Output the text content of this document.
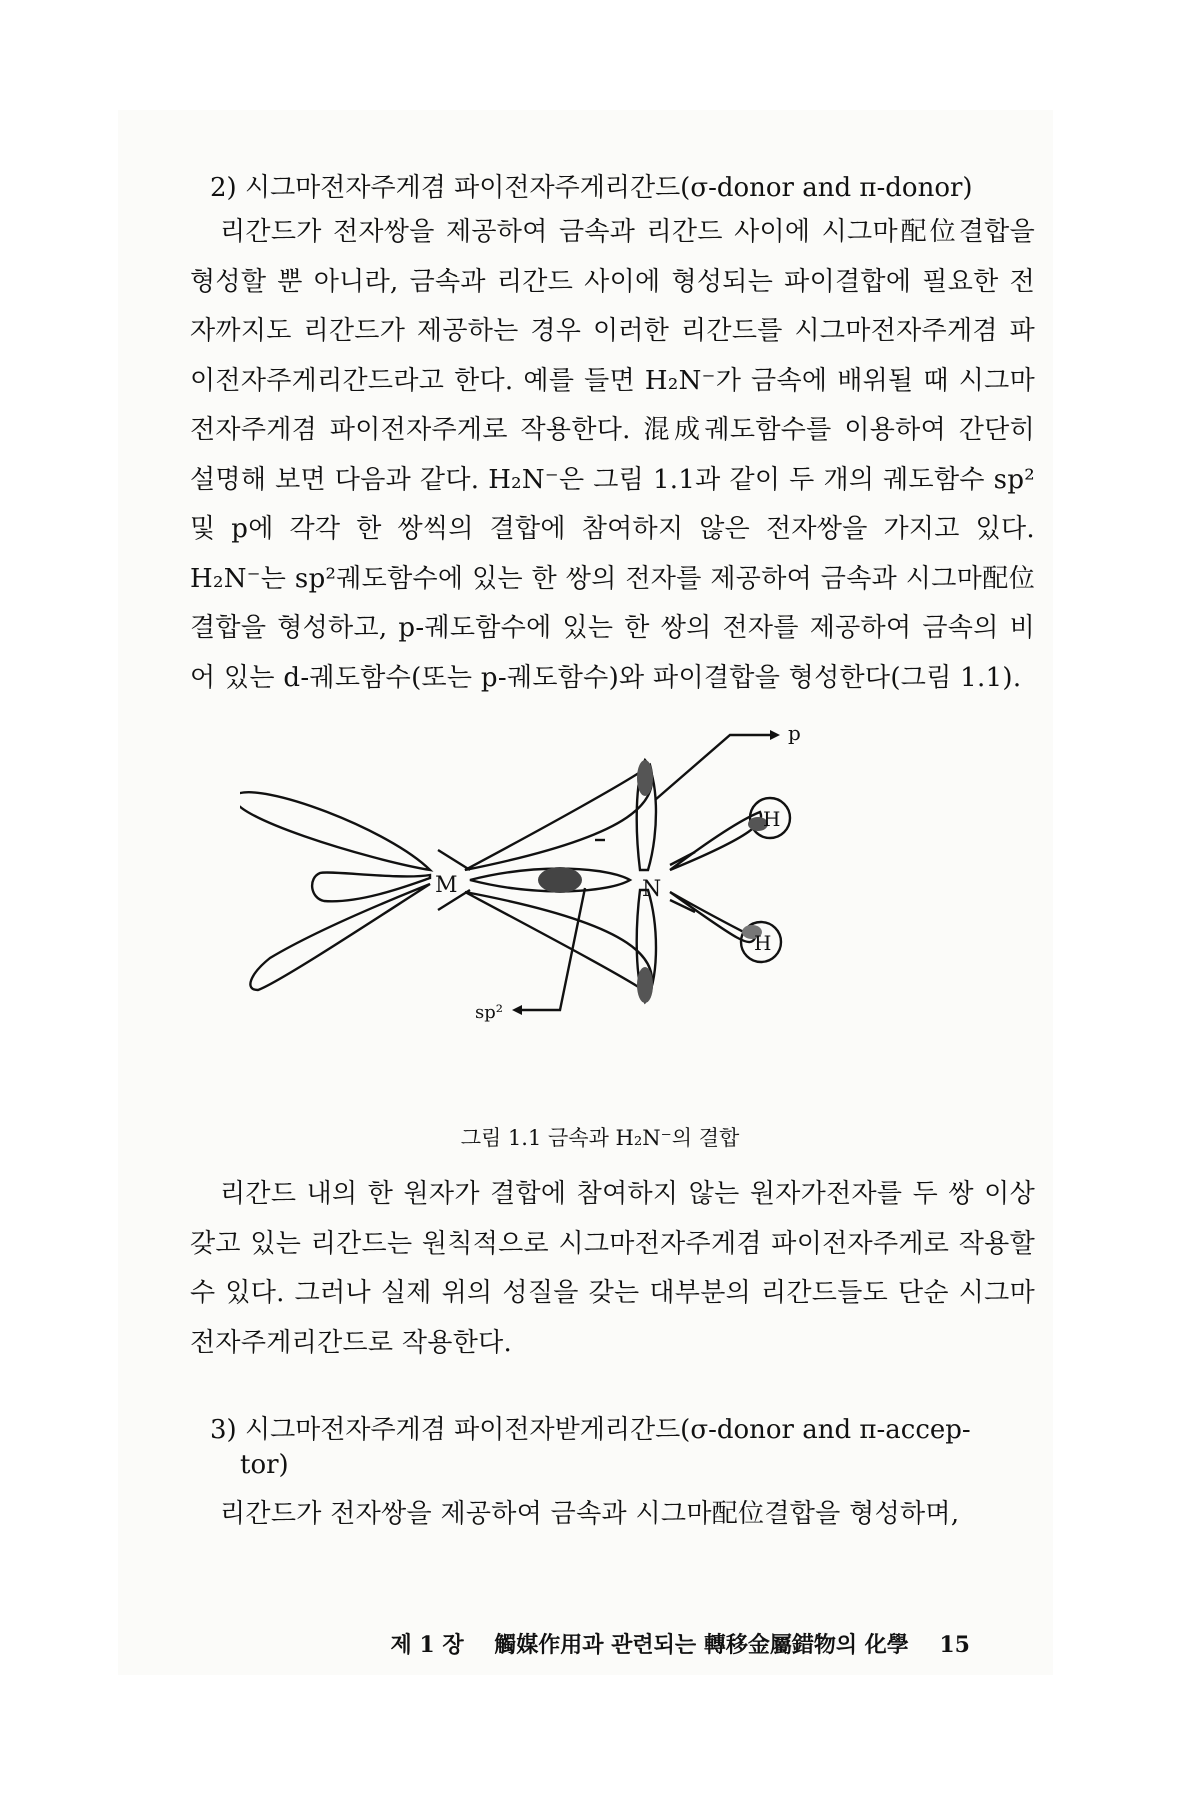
2) 시그마전자주게겸 파이전자주게리간드(σ-donor and π-donor)
리간드가 전자쌍을 제공하여 금속과 리간드 사이에 시그마配位결합을 형성할 뿐 아니라, 금속과 리간드 사이에 형성되는 파이결합에 필요한 전자까지도 리간드가 제공하는 경우 이러한 리간드를 시그마전자주게겸 파이전자주게리간드라고 한다. 예를 들면 H₂N⁻가 금속에 배위될 때 시그마전자주게겸 파이전자주게로 작용한다. 混成궤도함수를 이용하여 간단히 설명해 보면 다음과 같다. H₂N⁻은 그림 1.1과 같이 두 개의 궤도함수 sp² 및 p에 각각 한 쌍씩의 결합에 참여하지 않은 전자쌍을 가지고 있다. H₂N⁻는 sp²궤도함수에 있는 한 쌍의 전자를 제공하여 금속과 시그마配位결합을 형성하고, p-궤도함수에 있는 한 쌍의 전자를 제공하여 금속의 비어 있는 d-궤도함수(또는 p-궤도함수)와 파이결합을 형성한다(그림 1.1).
M	N
H
H
p
sp²
그림 1.1 금속과 H₂N⁻의 결합
리간드 내의 한 원자가 결합에 참여하지 않는 원자가전자를 두 쌍 이상 갖고 있는 리간드는 원칙적으로 시그마전자주게겸 파이전자주게로 작용할 수 있다. 그러나 실제 위의 성질을 갖는 대부분의 리간드들도 단순 시그마전자주게리간드로 작용한다.
3) 시그마전자주게겸 파이전자받게리간드(σ-donor and π-accep-
tor)
리간드가 전자쌍을 제공하여 금속과 시그마配位결합을 형성하며,
제 1 장 觸媒作用과 관련되는 轉移金屬錯物의 化學 15
